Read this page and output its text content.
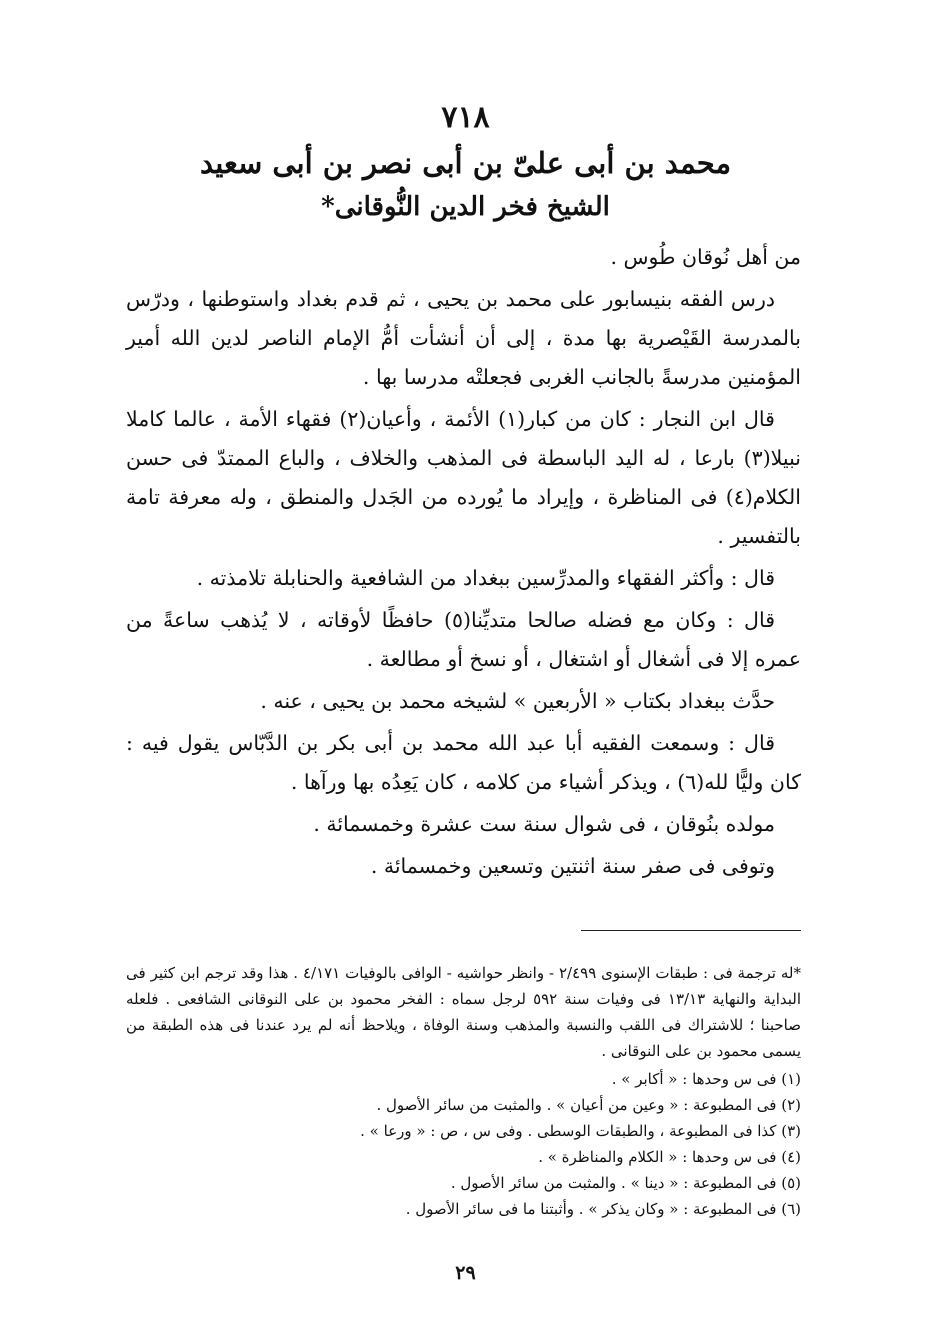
٧١٨
محمد بن أبى علىّ بن أبى نصر بن أبى سعيد
الشيخ فخر الدين النُّوقانى*

من أهل نُوقان طُوس .

درس الفقه بنيسابور على محمد بن يحيى ، ثم قدم بغداد واستوطنها ، ودرّس بالمدرسة القَيْصرية بها مدة ، إلى أن أنشأت أمُّ الإمام الناصر لدين الله أمير المؤمنين مدرسةً بالجانب الغربى فجعلتْه مدرسا بها .

قال ابن النجار : كان من كبار(١) الأئمة ، وأعيان(٢) فقهاء الأمة ، عالما كاملا نبيلا(٣) بارعا ، له اليد الباسطة فى المذهب والخلاف ، والباع الممتدّ فى حسن الكلام(٤) فى المناظرة ، وإيراد ما يُورده من الجَدل والمنطق ، وله معرفة تامة بالتفسير .

قال : وأكثر الفقهاء والمدرِّسين ببغداد من الشافعية والحنابلة تلامذته .

قال : وكان مع فضله صالحا متديِّنا(٥) حافظًا لأوقاته ، لا يُذهب ساعةً من عمره إلا فى أشغال أو اشتغال ، أو نسخ أو مطالعة .

حدَّث ببغداد بكتاب « الأربعين » لشيخه محمد بن يحيى ، عنه .

قال : وسمعت الفقيه أبا عبد الله محمد بن أبى بكر بن الدَّبّاس يقول فيه : كان وليًّا لله(٦) ، ويذكر أشياء من كلامه ، كان يَعِدُه بها ورآها .

مولده بنُوقان ، فى شوال سنة ست عشرة وخمسمائة .

وتوفى فى صفر سنة اثنتين وتسعين وخمسمائة .

*له ترجمة فى : طبقات الإسنوى ٢/٤٩٩ - وانظر حواشيه - الوافى بالوفيات ٤/١٧١ . هذا وقد ترجم ابن كثير فى البداية والنهاية ١٣/١٣ فى وفيات سنة ٥٩٢ لرجل سماه : الفخر محمود بن على النوقانى الشافعى . فلعله صاحبنا ؛ للاشتراك فى اللقب والنسبة والمذهب وسنة الوفاة ، ويلاحظ أنه لم يرد عندنا فى هذه الطبقة من يسمى محمود بن على النوقانى .

(١) فى س وحدها : « أكابر » .

(٢) فى المطبوعة : « وعين من أعيان » . والمثبت من سائر الأصول .

(٣) كذا فى المطبوعة ، والطبقات الوسطى . وفى س ، ص : « ورعا » .

(٤) فى س وحدها : « الكلام والمناظرة » .

(٥) فى المطبوعة : « دينا » . والمثبت من سائر الأصول .

(٦) فى المطبوعة : « وكان يذكر » . وأثبتنا ما فى سائر الأصول .

٢٩
